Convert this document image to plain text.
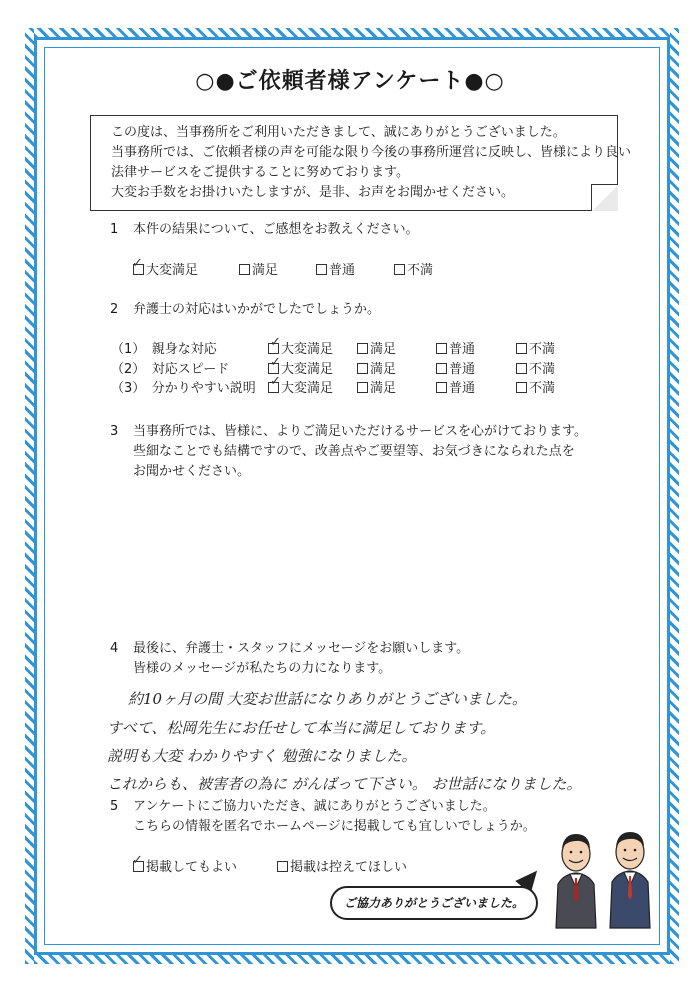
○●ご依頼者様アンケート●○
この度は、当事務所をご利用いただきまして、誠にありがとうございました。
当事務所では、ご依頼者様の声を可能な限り今後の事務所運営に反映し、皆様により良い
法律サービスをご提供することに努めております。
大変お手数をお掛けいたしますが、是非、お声をお聞かせください。
1 本件の結果について、ご感想をお教えください。
大変満足	満足	普通	不満
✓
2 弁護士の対応はいかがでしたでしょうか。
（1）　親身な対応	大変満足	満足	普通	不満
✓
（2）　対応スピード	大変満足	満足	普通	不満
✓
（3）　分かりやすい説明	大変満足	満足	普通	不満
✓
3 当事務所では、皆様に、よりご満足いただけるサービスを心がけております。
些細なことでも結構ですので、改善点やご要望等、お気づきになられた点を
お聞かせください。
4 最後に、弁護士・スタッフにメッセージをお願いします。
皆様のメッセージが私たちの力になります。
約10ヶ月の間 大変お世話になりありがとうございました。
すべて、松岡先生にお任せして本当に満足しております。
説明も大変 わかりやすく 勉強になりました。
これからも、被害者の為に がんばって下さい。 お世話になりました。
5 アンケートにご協力いただき、誠にありがとうございました。
こちらの情報を匿名でホームページに掲載しても宜しいでしょうか。
掲載してもよい	掲載は控えてほしい
✓
ご協力ありがとうございました。
